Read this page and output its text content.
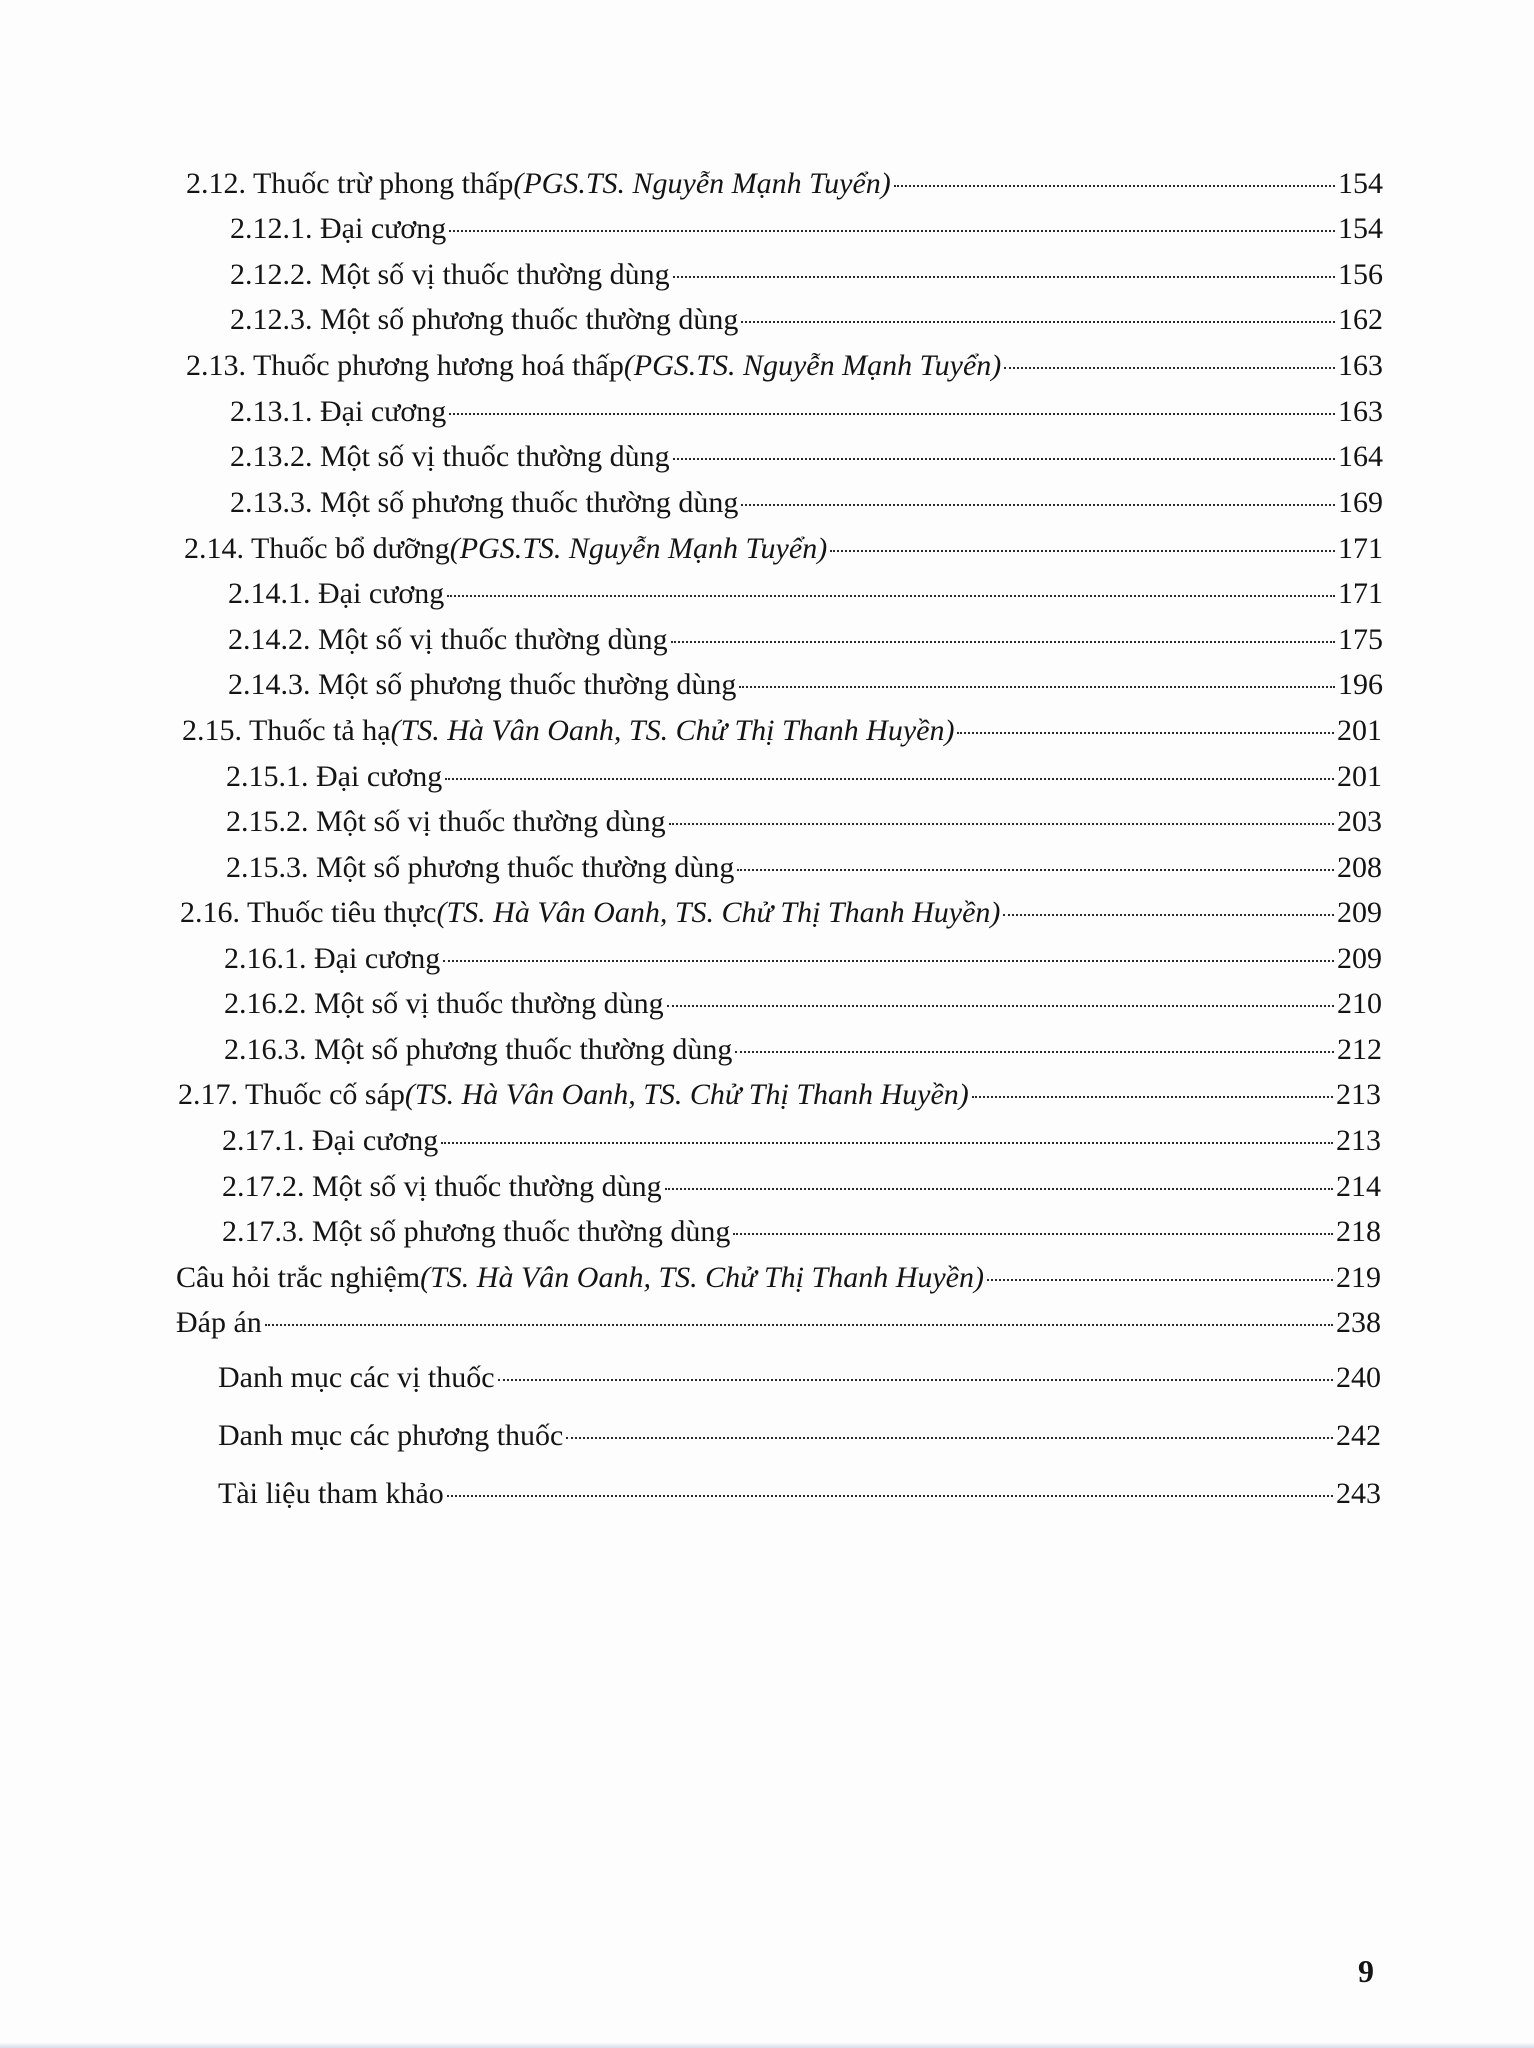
2.12. Thuốc trừ phong thấp (PGS.TS. Nguyễn Mạnh Tuyển)	154
2.12.1. Đại cương	154
2.12.2. Một số vị thuốc thường dùng	156
2.12.3. Một số phương thuốc thường dùng	162
2.13. Thuốc phương hương hoá thấp (PGS.TS. Nguyễn Mạnh Tuyển)	163
2.13.1. Đại cương	163
2.13.2. Một số vị thuốc thường dùng	164
2.13.3. Một số phương thuốc thường dùng	169
2.14. Thuốc bổ dưỡng (PGS.TS. Nguyễn Mạnh Tuyển)	171
2.14.1. Đại cương	171
2.14.2. Một số vị thuốc thường dùng	175
2.14.3. Một số phương thuốc thường dùng	196
2.15. Thuốc tả hạ (TS. Hà Vân Oanh, TS. Chử Thị Thanh Huyền)	201
2.15.1. Đại cương	201
2.15.2. Một số vị thuốc thường dùng	203
2.15.3. Một số phương thuốc thường dùng	208
2.16. Thuốc tiêu thực (TS. Hà Vân Oanh, TS. Chử Thị Thanh Huyền)	209
2.16.1. Đại cương	209
2.16.2. Một số vị thuốc thường dùng	210
2.16.3. Một số phương thuốc thường dùng	212
2.17. Thuốc cố sáp (TS. Hà Vân Oanh, TS. Chử Thị Thanh Huyền)	213
2.17.1. Đại cương	213
2.17.2. Một số vị thuốc thường dùng	214
2.17.3. Một số phương thuốc thường dùng	218
Câu hỏi trắc nghiệm (TS. Hà Vân Oanh, TS. Chử Thị Thanh Huyền)	219
Đáp án	238
Danh mục các vị thuốc	240
Danh mục các phương thuốc	242
Tài liệu tham khảo	243
9
